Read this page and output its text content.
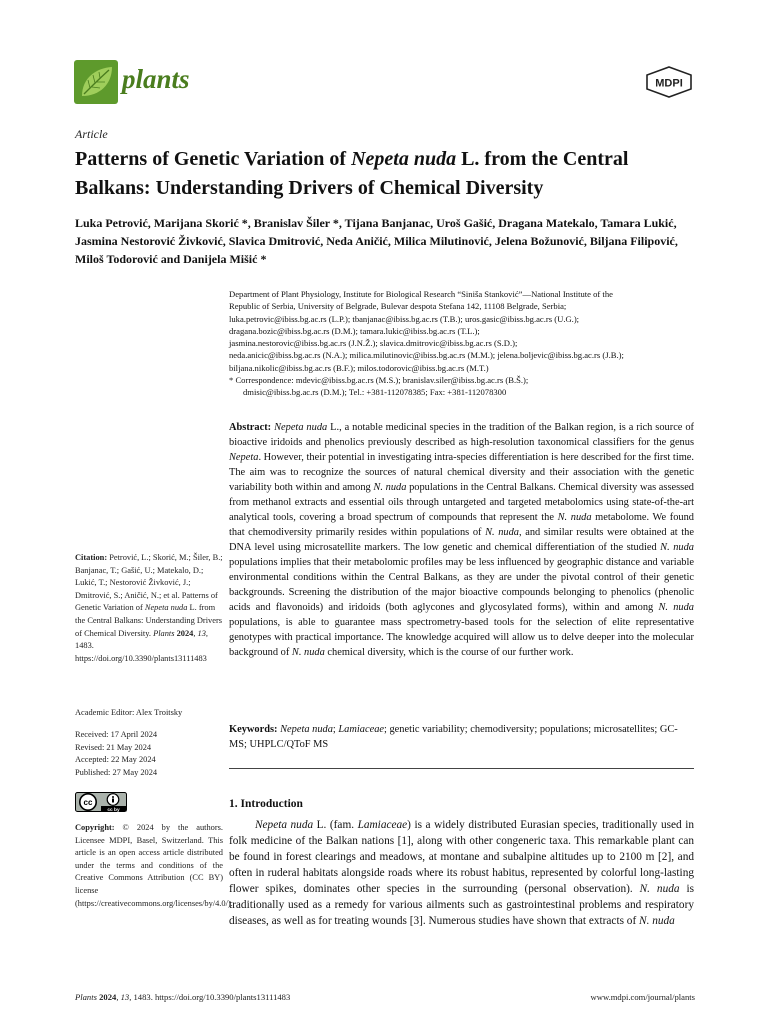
plants	MDPI
Article
Patterns of Genetic Variation of Nepeta nuda L. from the Central Balkans: Understanding Drivers of Chemical Diversity

Luka Petrović, Marijana Skorić *, Branislav Šiler *, Tijana Banjanac, Uroš Gašić, Dragana Matekalo, Tamara Lukić, Jasmina Nestorović Živković, Slavica Dmitrović, Neda Aničić, Milica Milutinović, Jelena Božunović, Biljana Filipović, Miloš Todorović and Danijela Mišić *

Department of Plant Physiology, Institute for Biological Research “Siniša Stanković”—National Institute of the
Republic of Serbia, University of Belgrade, Bulevar despota Stefana 142, 11108 Belgrade, Serbia;
luka.petrovic@ibiss.bg.ac.rs (L.P.); tbanjanac@ibiss.bg.ac.rs (T.B.); uros.gasic@ibiss.bg.ac.rs (U.G.);
dragana.bozic@ibiss.bg.ac.rs (D.M.); tamara.lukic@ibiss.bg.ac.rs (T.L.);
jasmina.nestorovic@ibiss.bg.ac.rs (J.N.Ž.); slavica.dmitrovic@ibiss.bg.ac.rs (S.D.);
neda.anicic@ibiss.bg.ac.rs (N.A.); milica.milutinovic@ibiss.bg.ac.rs (M.M.); jelena.boljevic@ibiss.bg.ac.rs (J.B.);
biljana.nikolic@ibiss.bg.ac.rs (B.F.); milos.todorovic@ibiss.bg.ac.rs (M.T.)
* Correspondence: mdevic@ibiss.bg.ac.rs (M.S.); branislav.siler@ibiss.bg.ac.rs (B.Š.);
dmisic@ibiss.bg.ac.rs (D.M.); Tel.: +381-112078385; Fax: +381-112078300

Abstract: Nepeta nuda L., a notable medicinal species in the tradition of the Balkan region, is a rich source of bioactive iridoids and phenolics previously described as high-resolution taxonomical classifiers for the genus Nepeta. However, their potential in investigating intra-species differentiation is here described for the first time. The aim was to recognize the sources of natural chemical diversity and their association with the genetic variability both within and among N. nuda populations in the Central Balkans. Chemical diversity was assessed from methanol extracts and essential oils through untargeted and targeted metabolomics using state-of-the-art analytical tools, covering a broad spectrum of compounds that represent the N. nuda metabolome. We found that chemodiversity primarily resides within populations of N. nuda, and similar results were obtained at the DNA level using microsatellite markers. The low genetic and chemical differentiation of the studied N. nuda populations implies that their metabolomic profiles may be less influenced by geographic distance and variable environmental conditions within the Central Balkans, as they are under the pivotal control of their genetic backgrounds. Screening the distribution of the major bioactive compounds belonging to phenolics (phenolic acids and flavonoids) and iridoids (both aglycones and glycosylated forms), within and among N. nuda populations, is able to guarantee mass spectrometry-based tools for the selection of elite representative genotypes with practical importance. The knowledge acquired will allow us to delve deeper into the molecular background of N. nuda chemical diversity, which is the course of our further work.

Keywords: Nepeta nuda; Lamiaceae; genetic variability; chemodiversity; populations; microsatellites; GC-MS; UHPLC/QToF MS

1. Introduction

Nepeta nuda L. (fam. Lamiaceae) is a widely distributed Eurasian species, traditionally used in folk medicine of the Balkan nations [1], along with other congeneric taxa. This remarkable plant can be found in forest clearings and meadows, at montane and subalpine altitudes up to 2100 m [2], and often in ruderal habitats alongside roads where its robust habitus, represented by colorful long-lasting flower spikes, dominates other species in the surrounding (personal observation). N. nuda is traditionally used as a remedy for various ailments such as gastrointestinal problems and respiratory diseases, as well as for treating wounds [3]. Numerous studies have shown that extracts of N. nuda

Citation: Petrović, L.; Skorić, M.; Šiler, B.; Banjanac, T.; Gašić, U.; Matekalo, D.; Lukić, T.; Nestorović Živković, J.; Dmitrović, S.; Aničić, N.; et al. Patterns of Genetic Variation of Nepeta nuda L. from the Central Balkans: Understanding Drivers of Chemical Diversity. Plants 2024, 13, 1483. https://doi.org/10.3390/plants13111483

Academic Editor: Alex Troitsky

Received: 17 April 2024

Revised: 21 May 2024

Accepted: 22 May 2024

Published: 27 May 2024

cc
cc by

Copyright: © 2024 by the authors. Licensee MDPI, Basel, Switzerland. This article is an open access article distributed under the terms and conditions of the Creative Commons Attribution (CC BY) license (https://creativecommons.org/licenses/by/4.0/).

Plants 2024, 13, 1483. https://doi.org/10.3390/plants13111483	www.mdpi.com/journal/plants
